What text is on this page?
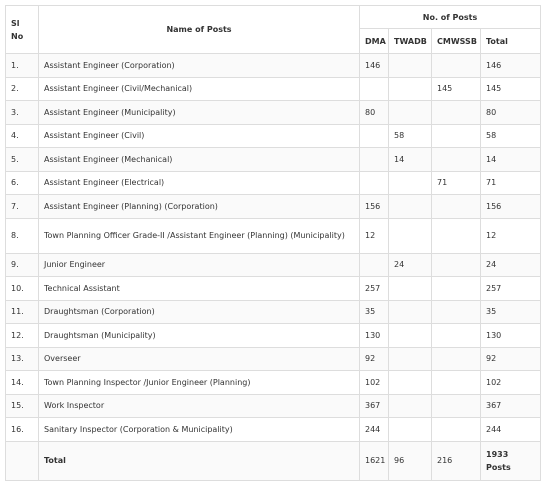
Sl No	Name of Posts	No. of Posts			
		DMA	TWADB	CMWSSB	Total
1.	Assistant Engineer (Corporation)	146			146
2.	Assistant Engineer (Civil/Mechanical)			145	145
3.	Assistant Engineer (Municipality)	80			80
4.	Assistant Engineer (Civil)		58		58
5.	Assistant Engineer (Mechanical)		14		14
6.	Assistant Engineer (Electrical)			71	71
7.	Assistant Engineer (Planning) (Corporation)	156			156
8.	Town Planning Officer Grade-II /Assistant Engineer (Planning) (Municipality)	12			12
9.	Junior Engineer		24		24
10.	Technical Assistant	257			257
11.	Draughtsman (Corporation)	35			35
12.	Draughtsman (Municipality)	130			130
13.	Overseer	92			92
14.	Town Planning Inspector /Junior Engineer (Planning)	102			102
15.	Work Inspector	367			367
16.	Sanitary Inspector (Corporation & Municipality)	244			244
	Total	1621	96	216	1933 Posts
